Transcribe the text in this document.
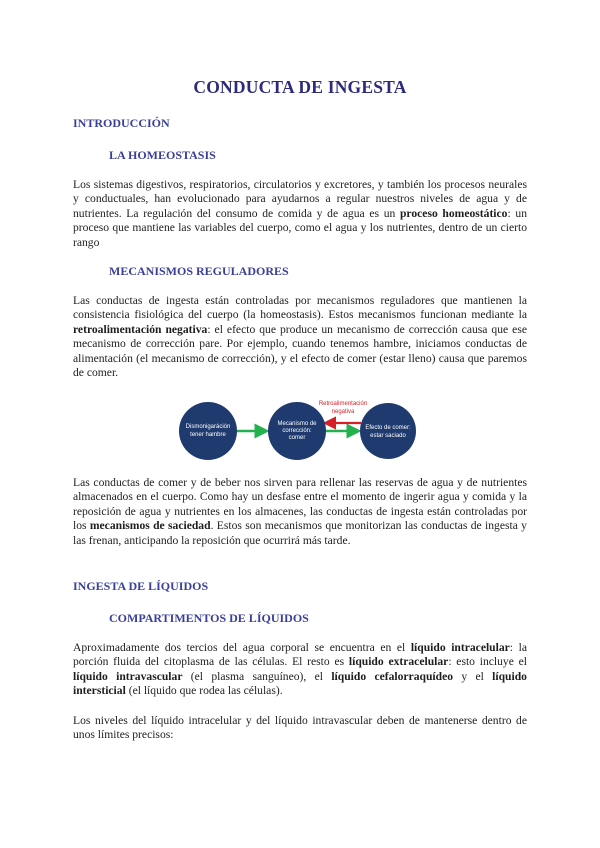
CONDUCTA DE INGESTA
INTRODUCCIÓN
LA HOMEOSTASIS
Los sistemas digestivos, respiratorios, circulatorios y excretores, y también los procesos neurales y conductuales, han evolucionado para ayudarnos a regular nuestros niveles de agua y de nutrientes. La regulación del consumo de comida y de agua es un proceso homeostático: un proceso que mantiene las variables del cuerpo, como el agua y los nutrientes, dentro de un cierto rango
MECANISMOS REGULADORES
Las conductas de ingesta están controladas por mecanismos reguladores que mantienen la consistencia fisiológica del cuerpo (la homeostasis). Estos mecanismos funcionan mediante la retroalimentación negativa: el efecto que produce un mecanismo de corrección causa que ese mecanismo de corrección pare. Por ejemplo, cuando tenemos hambre, iniciamos conductas de alimentación (el mecanismo de corrección), y el efecto de comer (estar lleno) causa que paremos de comer.
Dismonigaráción
tener hambre
Mecanismo de
corrección:
comer
Efecto de comer:
estar saciado
Retroalimentación
negativa
Las conductas de comer y de beber nos sirven para rellenar las reservas de agua y de nutrientes almacenados en el cuerpo. Como hay un desfase entre el momento de ingerir agua y comida y la reposición de agua y nutrientes en los almacenes, las conductas de ingesta están controladas por los mecanismos de saciedad. Estos son mecanismos que monitorizan las conductas de ingesta y las frenan, anticipando la reposición que ocurrirá más tarde.
INGESTA DE LÍQUIDOS
COMPARTIMENTOS DE LÍQUIDOS
Aproximadamente dos tercios del agua corporal se encuentra en el líquido intracelular: la porción fluida del citoplasma de las células. El resto es líquido extracelular: esto incluye el líquido intravascular (el plasma sanguíneo), el líquido cefalorraquídeo y el líquido intersticial (el líquido que rodea las células).
Los niveles del líquido intracelular y del líquido intravascular deben de mantenerse dentro de unos límites precisos:
